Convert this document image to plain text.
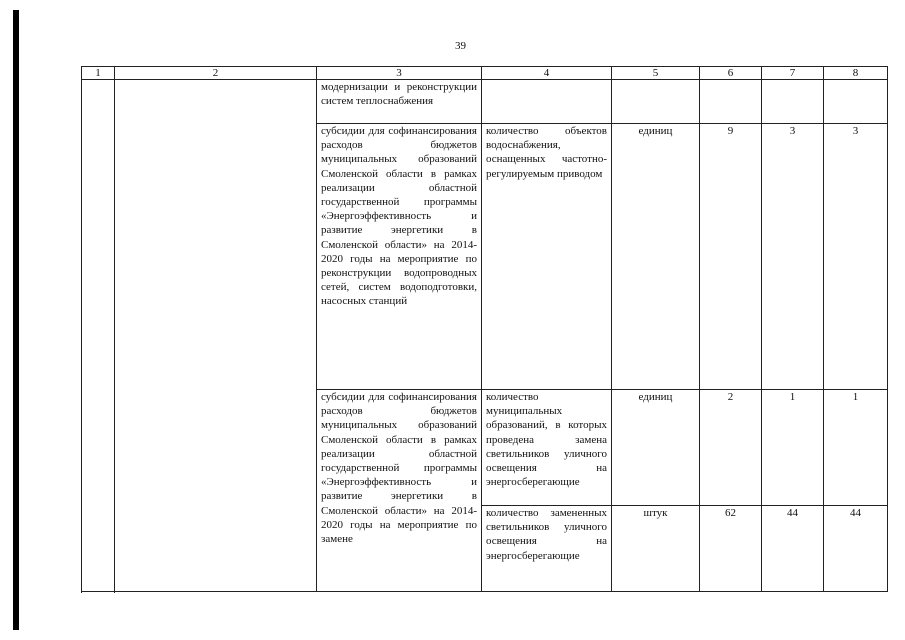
39
1	2	3	4	5	6	7	8
		модернизации и реконструкции систем теплоснабжения					
		субсидии для софинансирования расходов бюджетов муниципальных образований Смоленской области в рамках реализации областной государственной программы «Энергоэффективность и развитие энергетики в Смоленской области» на 2014-2020 годы на мероприятие по реконструкции водопроводных сетей, систем водоподготовки, насосных станций	количество объектов водоснабжения, оснащенных частотно-регулируемым приводом	единиц	9	3	3
		субсидии для софинансирования расходов бюджетов муниципальных образований Смоленской области в рамках реализации областной государственной программы «Энергоэффективность и развитие энергетики в Смоленской области» на 2014-2020 годы на мероприятие по замене	количество муниципальных образований, в которых проведена замена светильников уличного освещения на энергосберегающие	единиц	2	1	1
			количество замененных светильников уличного освещения на энергосберегающие	штук	62	44	44
